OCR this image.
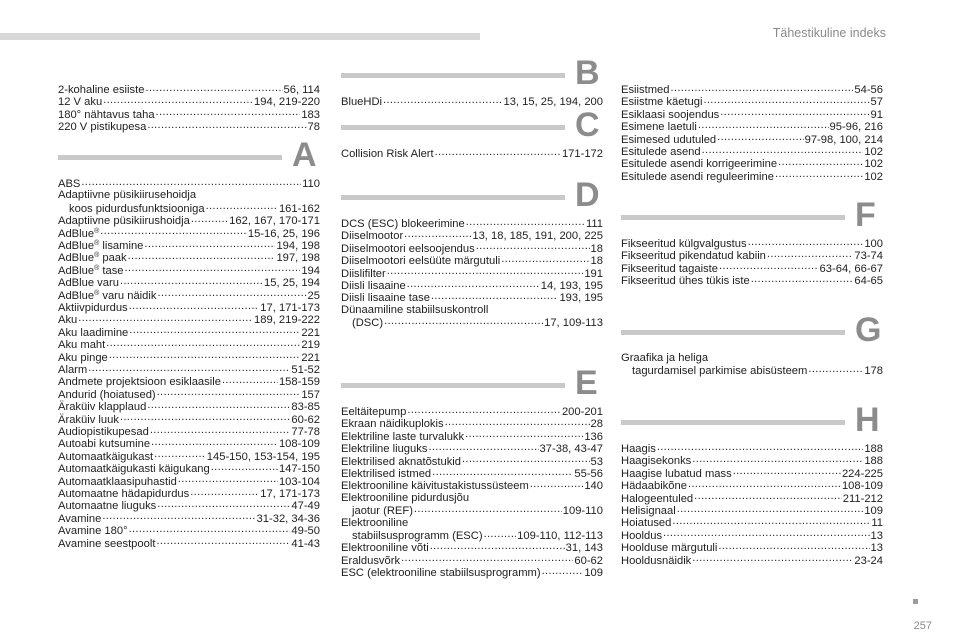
Tähestikuline indeks
2-kohaline esiiste .....	56, 114
12 V aku .....	194, 219-220
180° nähtavus taha .....	183
220 V pistikupesa .....	78
A
ABS .....	110
Adaptiivne püsikiirusehoidja
koos pidurdusfunktsiooniga .....	161-162
Adaptiivne püsikiirushoidja .....	162, 167, 170-171
AdBlue® .....	15-16, 25, 196
AdBlue® lisamine .....	194, 198
AdBlue® paak .....	197, 198
AdBlue® tase .....	194
AdBlue varu .....	15, 25, 194
AdBlue® varu näidik .....	25
Aktiivpidurdus .....	17, 171-173
Aku .....	189, 219-222
Aku laadimine .....	221
Aku maht .....	219
Aku pinge .....	221
Alarm .....	51-52
Andmete projektsioon esiklaasile .....	158-159
Andurid (hoiatused) .....	157
Äraküiv klapplaud .....	83-85
Äraküiv luuk .....	60-62
Audiopistikupesad .....	77-78
Autoabi kutsumine .....	108-109
Automaatkäigukast .....	145-150, 153-154, 195
Automaatkäigukasti käigukang .....	147-150
Automaatklaasipuhastid .....	103-104
Automaatne hädapidurdus .....	17, 171-173
Automaatne liuguks .....	47-49
Avamine .....	31-32, 34-36
Avamine 180° .....	49-50
Avamine seestpoolt .....	41-43
B
BlueHDi .....	13, 15, 25, 194, 200
C
Collision Risk Alert .....	171-172
D
DCS (ESC) blokeerimine .....	111
Diiselmootor .....	13, 18, 185, 191, 200, 225
Diiselmootori eelsoojendus .....	18
Diiselmootori eelsüüte märgutuli .....	18
Diislifilter .....	191
Diisli lisaaine .....	14, 193, 195
Diisli lisaaine tase .....	193, 195
Dünaamiline stabiilsuskontroll
(DSC) .....	17, 109-113
E
Eeltäitepump .....	200-201
Ekraan näidikuplokis .....	28
Elektriline laste turvalukk .....	136
Elektriline liuguks .....	37-38, 43-47
Elektrilised aknatõstukid .....	53
Elektrilised istmed .....	55-56
Elektrooniline käivitustakistussüsteem .....	140
Elektrooniline pidurdusjõu
jaotur (REF) .....	109-110
Elektrooniline
stabiilsusprogramm (ESC) .....	109-110, 112-113
Elektrooniline võti .....	31, 143
Eraldusvõrk .....	60-62
ESC (elektrooniline stabiilsusprogramm) .....	109
Esiistmed .....	54-56
Esiistme käetugi .....	57
Esiklaasi soojendus .....	91
Esimene laetuli .....	95-96, 216
Esimesed udutuled .....	97-98, 100, 214
Esitulede asend .....	102
Esitulede asendi korrigeerimine .....	102
Esitulede asendi reguleerimine .....	102
F
Fikseeritud külgvalgustus .....	100
Fikseeritud pikendatud kabiin .....	73-74
Fikseeritud tagaiste .....	63-64, 66-67
Fikseeritud ühes tükis iste .....	64-65
G
Graafika ja heliga
tagurdamisel parkimise abisüsteem .....	178
H
Haagis .....	188
Haagisekonks .....	188
Haagise lubatud mass .....	224-225
Hädaabikõne .....	108-109
Halogeentuled .....	211-212
Helisignaal .....	109
Hoiatused .....	11
Hooldus .....	13
Hoolduse märgutuli .....	13
Hooldusnäidik .....	23-24
257
